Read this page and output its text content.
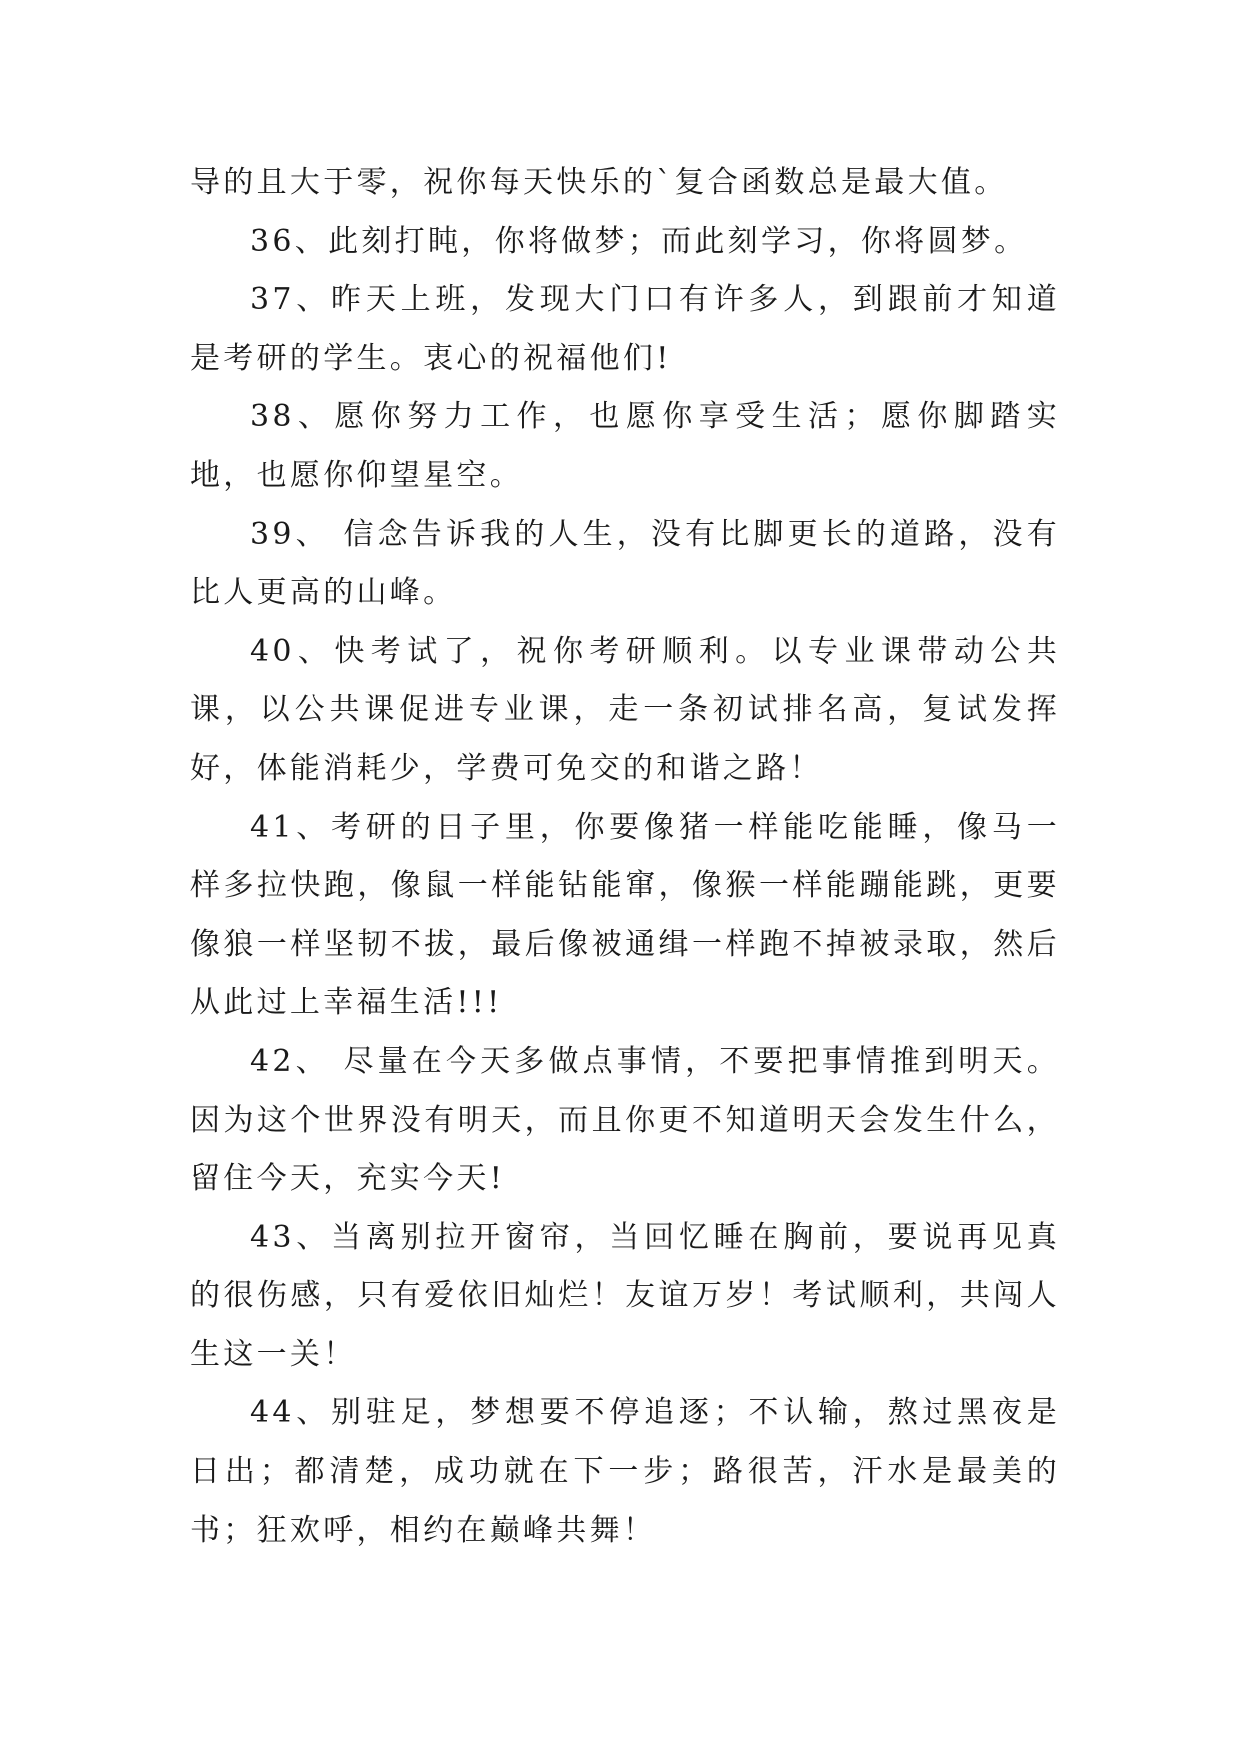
导的且大于零，祝你每天快乐的`复合函数总是最大值。

36、此刻打盹，你将做梦；而此刻学习，你将圆梦。

37、昨天上班，发现大门口有许多人，到跟前才知道是考研的学生。衷心的祝福他们!

38、愿你努力工作，也愿你享受生活；愿你脚踏实地，也愿你仰望星空。

39、 信念告诉我的人生，没有比脚更长的道路，没有比人更高的山峰。

40、快考试了，祝你考研顺利。以专业课带动公共课，以公共课促进专业课，走一条初试排名高，复试发挥好，体能消耗少，学费可免交的和谐之路！

41、考研的日子里，你要像猪一样能吃能睡，像马一样多拉快跑，像鼠一样能钻能窜，像猴一样能蹦能跳，更要像狼一样坚韧不拔，最后像被通缉一样跑不掉被录取，然后从此过上幸福生活!!!

42、 尽量在今天多做点事情，不要把事情推到明天。因为这个世界没有明天，而且你更不知道明天会发生什么，留住今天，充实今天!

43、当离别拉开窗帘，当回忆睡在胸前，要说再见真的很伤感，只有爱依旧灿烂！友谊万岁！考试顺利，共闯人生这一关！

44、别驻足，梦想要不停追逐；不认输，熬过黑夜是日出；都清楚，成功就在下一步；路很苦，汗水是最美的书；狂欢呼，相约在巅峰共舞！
